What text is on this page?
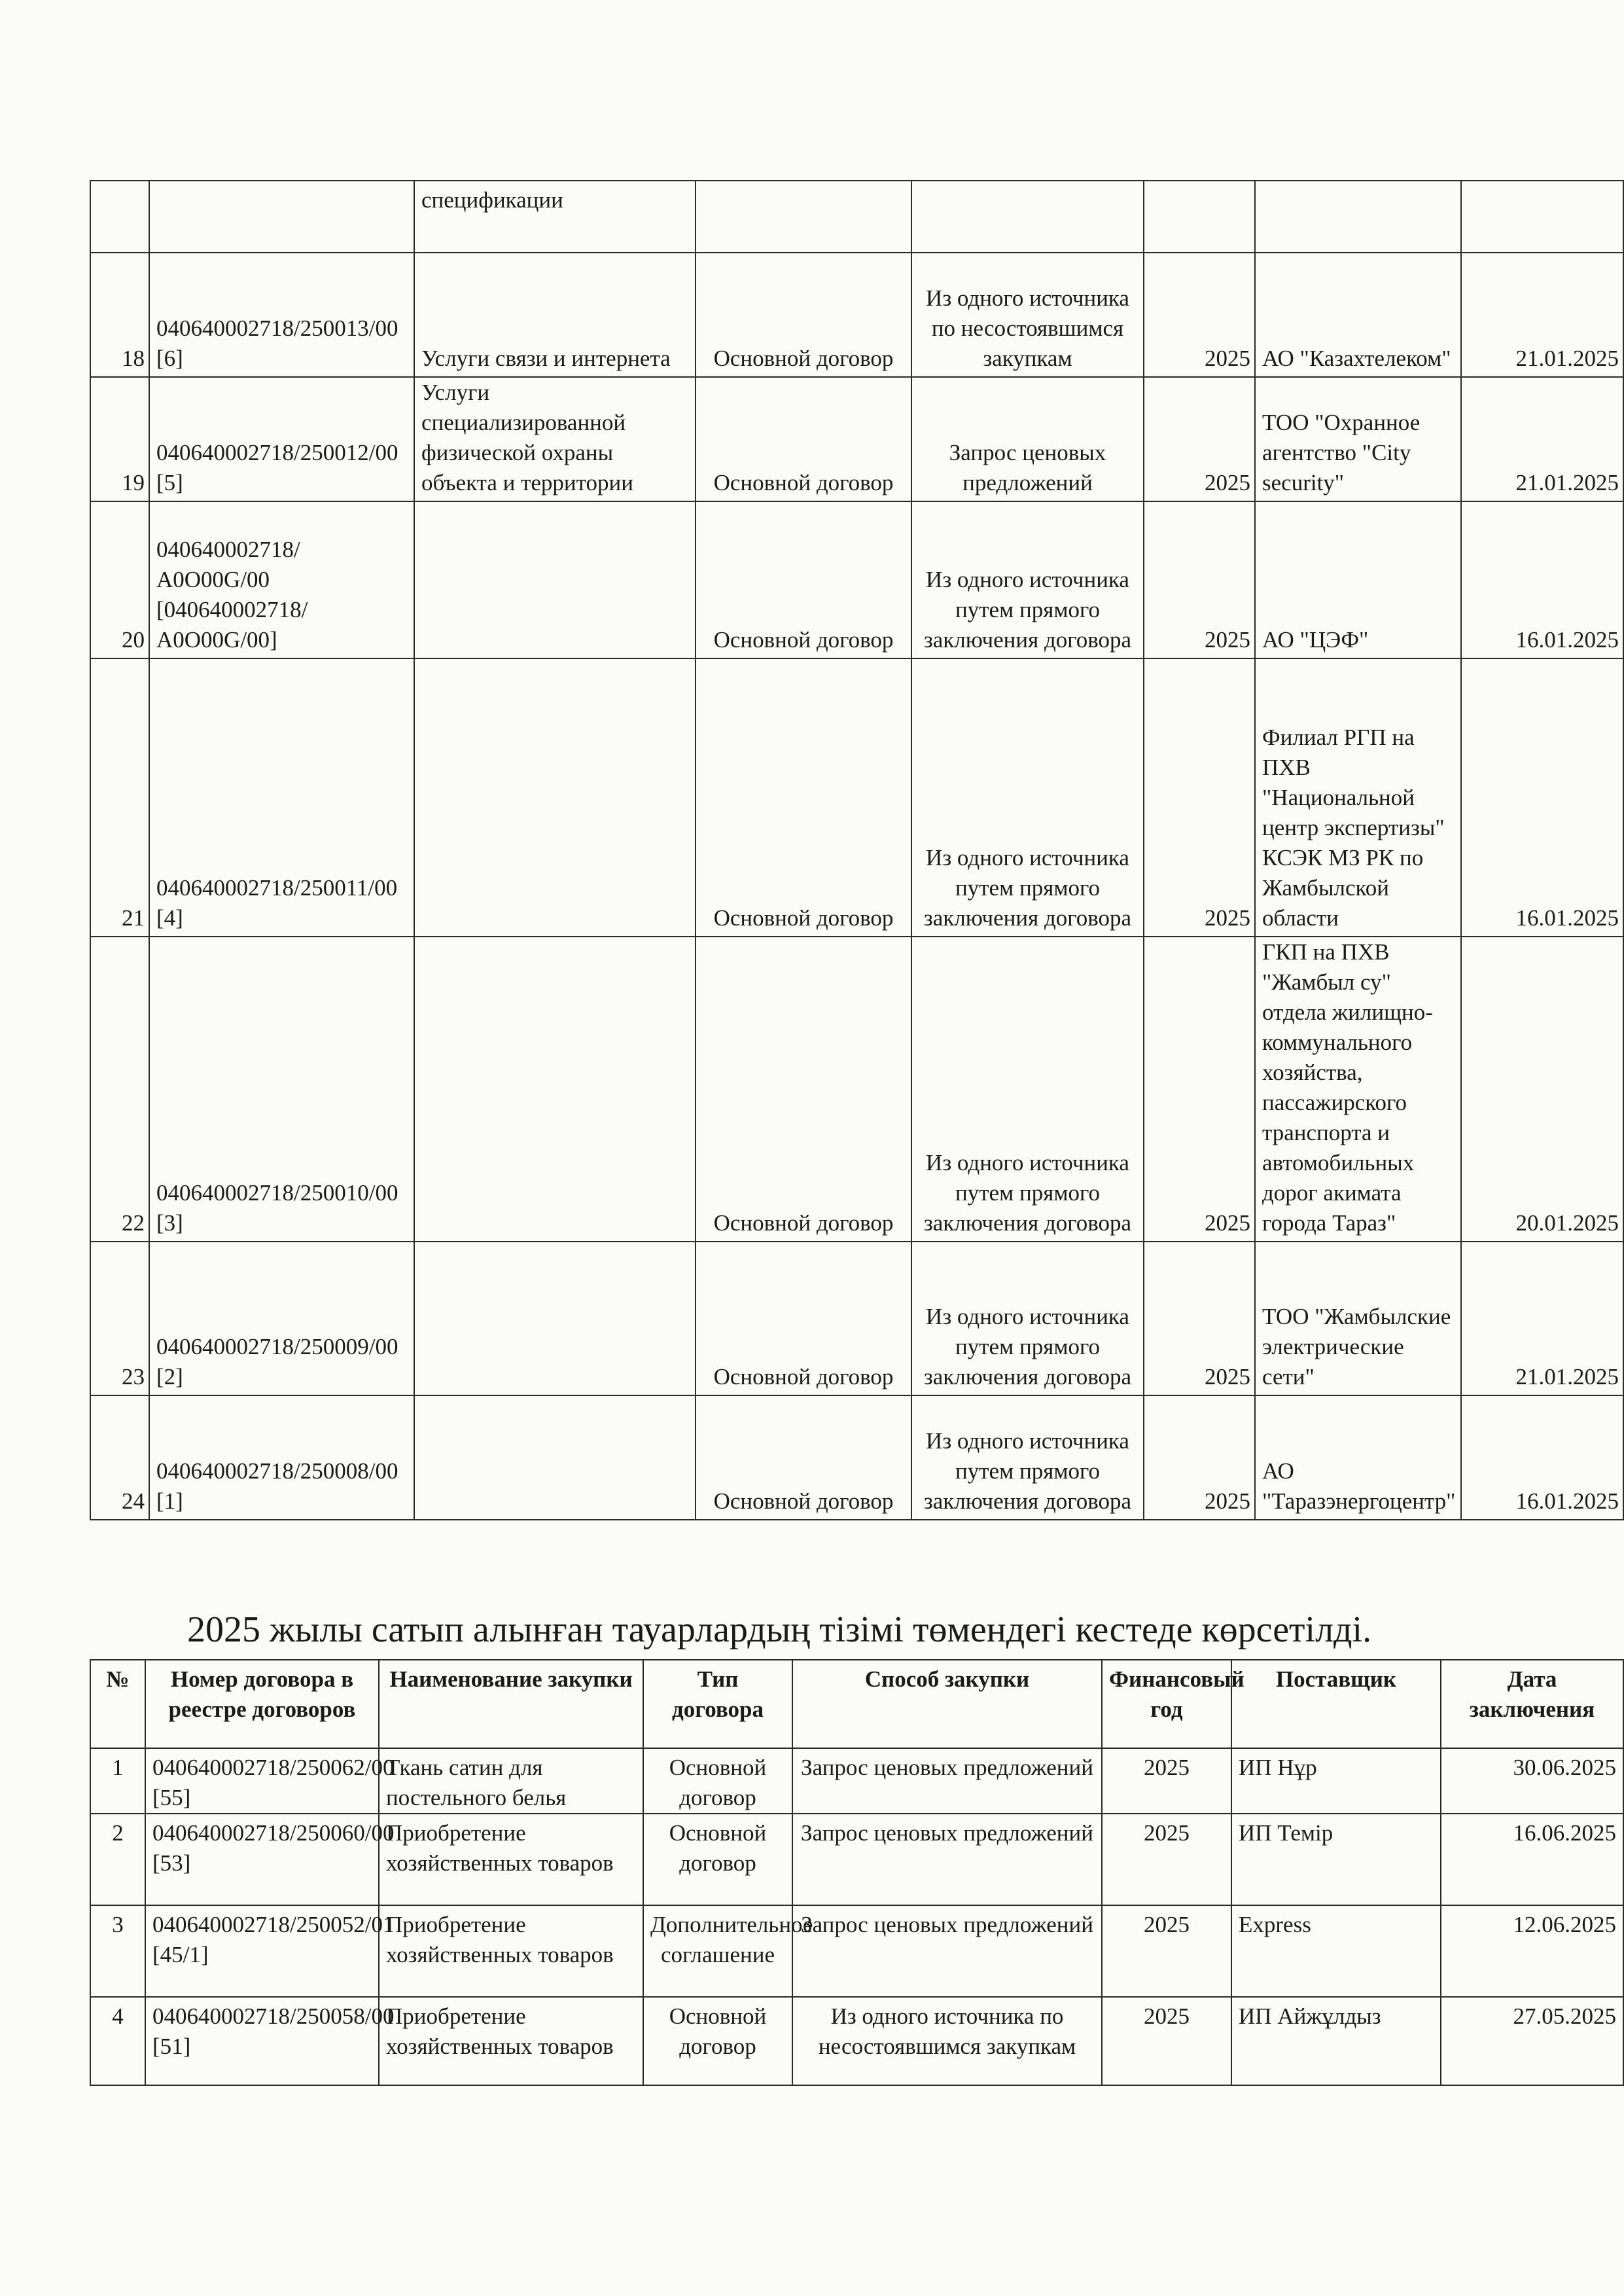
		спецификации					
18	040640002718/250013/00 [6]	Услуги связи и интернета	Основной договор	Из одного источника по несостоявшимся закупкам	2025	АО "Казахтелеком"	21.01.2025
19	040640002718/250012/00 [5]	Услуги специализированной физической охраны объекта и территории	Основной договор	Запрос ценовых предложений	2025	ТОО "Охранное агентство "City security"	21.01.2025
20	040640002718/А0О00G/00 [040640002718/А0О00G/00]		Основной договор	Из одного источника путем прямого заключения договора	2025	АО "ЦЭФ"	16.01.2025
21	040640002718/250011/00 [4]		Основной договор	Из одного источника путем прямого заключения договора	2025	Филиал РГП на ПХВ "Национальной центр экспертизы" КСЭК МЗ РК по Жамбылской области	16.01.2025
22	040640002718/250010/00 [3]		Основной договор	Из одного источника путем прямого заключения договора	2025	ГКП на ПХВ "Жамбыл су" отдела жилищно-коммунального хозяйства, пассажирского транспорта и автомобильных дорог акимата города Тараз"	20.01.2025
23	040640002718/250009/00 [2]		Основной договор	Из одного источника путем прямого заключения договора	2025	ТОО "Жамбылские электрические сети"	21.01.2025
24	040640002718/250008/00 [1]		Основной договор	Из одного источника путем прямого заключения договора	2025	АО "Таразэнергоцентр"	16.01.2025
2025 жылы сатып алынған тауарлардың тізімі төмендегі кестеде көрсетілді.
№	Номер договора в реестре договоров	Наименование закупки	Тип договора	Способ закупки	Финансовый год	Поставщик	Дата заключения
1	040640002718/250062/00 [55]	Ткань сатин для постельного белья	Основной договор	Запрос ценовых предложений	2025	ИП Нұр	30.06.2025
2	040640002718/250060/00 [53]	Приобретение хозяйственных товаров	Основной договор	Запрос ценовых предложений	2025	ИП Темір	16.06.2025
3	040640002718/250052/01 [45/1]	Приобретение хозяйственных товаров	Дополнительное соглашение	Запрос ценовых предложений	2025	Express	12.06.2025
4	040640002718/250058/00 [51]	Приобретение хозяйственных товаров	Основной договор	Из одного источника по несостоявшимся закупкам	2025	ИП Айжұлдыз	27.05.2025
